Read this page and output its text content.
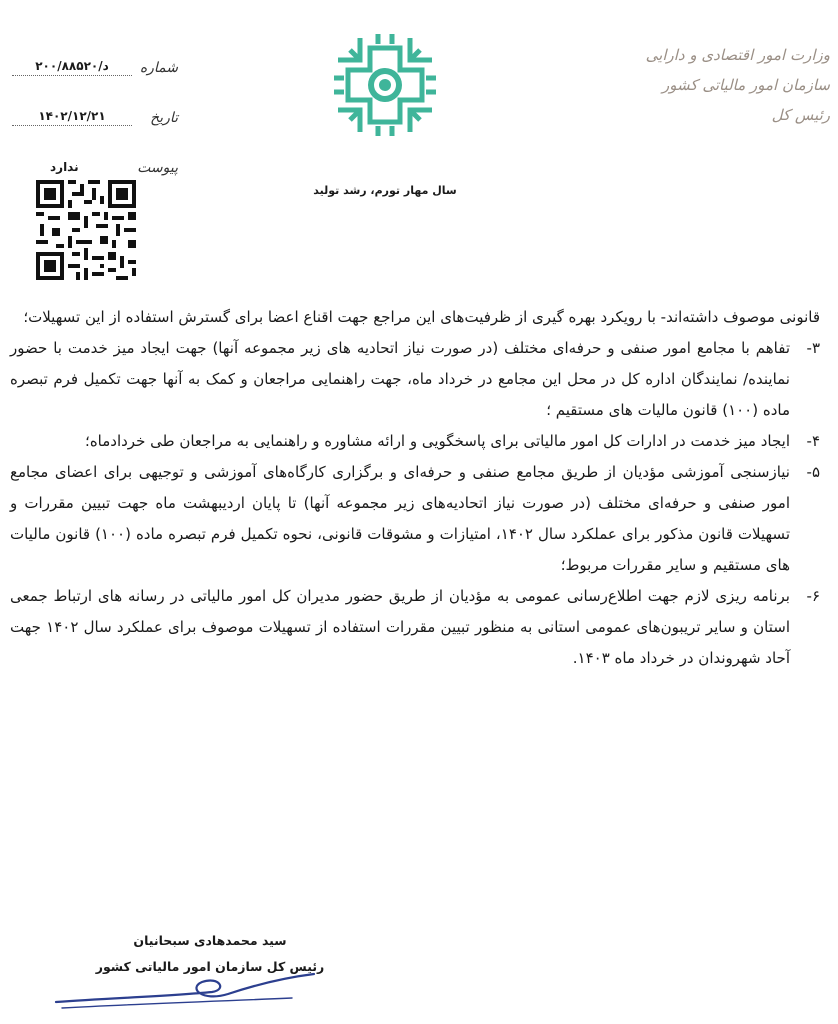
وزارت امور اقتصادی و دارایی
سازمان امور مالیاتی کشور
رئیس کل
د/۲۰۰/۸۸۵۲۰	شماره
۱۴۰۲/۱۲/۲۱	تاریخ
ندارد	پیوست
سال مهار تورم، رشد تولید

قانونی موصوف داشته‌اند- با رویکرد بهره گیری از ظرفیت‌های این مراجع جهت اقناع اعضا برای گسترش استفاده از این تسهیلات؛

۳-
تفاهم با مجامع امور صنفی و حرفه‌ای مختلف (در صورت نیاز اتحادیه های زیر مجموعه آنها) جهت ایجاد میز خدمت با حضور نماینده/ نمایندگان اداره کل در محل این مجامع در خرداد ماه، جهت راهنمایی مراجعان و کمک به آنها جهت تکمیل فرم تبصره ماده (۱۰۰) قانون مالیات های مستقیم ؛
۴-
ایجاد میز خدمت در ادارات کل امور مالیاتی برای پاسخگویی و ارائه مشاوره و راهنمایی به مراجعان طی خردادماه؛
۵-
نیازسنجی آموزشی مؤدیان از طریق مجامع صنفی و حرفه‌ای و برگزاری کارگاه‌های آموزشی و توجیهی برای اعضای مجامع امور صنفی و حرفه‌ای مختلف (در صورت نیاز اتحادیه‌های زیر مجموعه آنها) تا پایان اردیبهشت ماه جهت تبیین مقررات و تسهیلات قانون مذکور برای عملکرد سال ۱۴۰۲، امتیازات و مشوقات قانونی، نحوه تکمیل فرم تبصره ماده (۱۰۰) قانون مالیات های مستقیم و سایر مقررات مربوط؛
۶-
برنامه ریزی لازم جهت اطلاع‌رسانی عمومی به مؤدیان از طریق حضور مدیران کل امور مالیاتی در رسانه های ارتباط جمعی استان و سایر تریبون‌های عمومی استانی به منظور تبیین مقررات استفاده از تسهیلات موصوف برای عملکرد سال ۱۴۰۲ جهت آحاد شهروندان در خرداد ماه ۱۴۰۳.
سید محمدهادی سبحانیان
رئیس کل سازمان امور مالیاتی کشور
